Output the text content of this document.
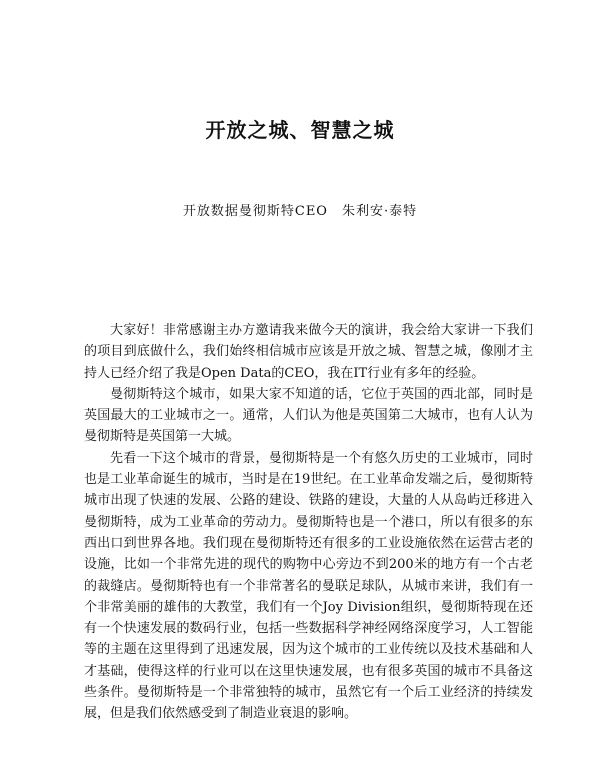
开放之城、智慧之城
开放数据曼彻斯特CEO 朱利安·泰特

大家好！非常感谢主办方邀请我来做今天的演讲，我会给大家讲一下我们的项目到底做什么，我们始终相信城市应该是开放之城、智慧之城，像刚才主持人已经介绍了我是Open Data的CEO，我在IT行业有多年的经验。

曼彻斯特这个城市，如果大家不知道的话，它位于英国的西北部，同时是英国最大的工业城市之一。通常，人们认为他是英国第二大城市，也有人认为曼彻斯特是英国第一大城。

先看一下这个城市的背景，曼彻斯特是一个有悠久历史的工业城市，同时也是工业革命诞生的城市，当时是在19世纪。在工业革命发端之后，曼彻斯特城市出现了快速的发展、公路的建设、铁路的建设，大量的人从岛屿迁移进入曼彻斯特，成为工业革命的劳动力。曼彻斯特也是一个港口，所以有很多的东西出口到世界各地。我们现在曼彻斯特还有很多的工业设施依然在运营古老的设施，比如一个非常先进的现代的购物中心旁边不到200米的地方有一个古老的裁缝店。曼彻斯特也有一个非常著名的曼联足球队，从城市来讲，我们有一个非常美丽的雄伟的大教堂，我们有一个Joy Division组织，曼彻斯特现在还有一个快速发展的数码行业，包括一些数据科学神经网络深度学习，人工智能等的主题在这里得到了迅速发展，因为这个城市的工业传统以及技术基础和人才基础，使得这样的行业可以在这里快速发展，也有很多英国的城市不具备这些条件。曼彻斯特是一个非常独特的城市，虽然它有一个后工业经济的持续发展，但是我们依然感受到了制造业衰退的影响。
